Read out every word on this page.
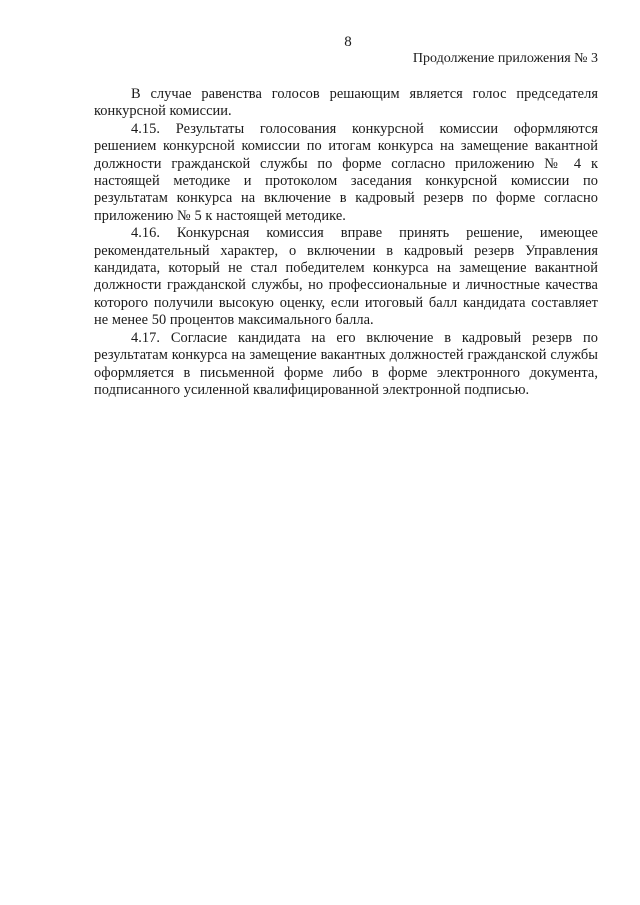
8
Продолжение приложения № 3

В случае равенства голосов решающим является голос председателя конкурсной комиссии.

4.15. Результаты голосования конкурсной комиссии оформляются решением конкурсной комиссии по итогам конкурса на замещение вакантной должности гражданской службы по форме согласно приложению № 4 к настоящей методике и протоколом заседания конкурсной комиссии по результатам конкурса на включение в кадровый резерв по форме согласно приложению № 5 к настоящей методике.

4.16. Конкурсная комиссия вправе принять решение, имеющее рекомендательный характер, о включении в кадровый резерв Управления кандидата, который не стал победителем конкурса на замещение вакантной должности гражданской службы, но профессиональные и личностные качества которого получили высокую оценку, если итоговый балл кандидата составляет не менее 50 процентов максимального балла.

4.17. Согласие кандидата на его включение в кадровый резерв по результатам конкурса на замещение вакантных должностей гражданской службы оформляется в письменной форме либо в форме электронного документа, подписанного усиленной квалифицированной электронной подписью.
